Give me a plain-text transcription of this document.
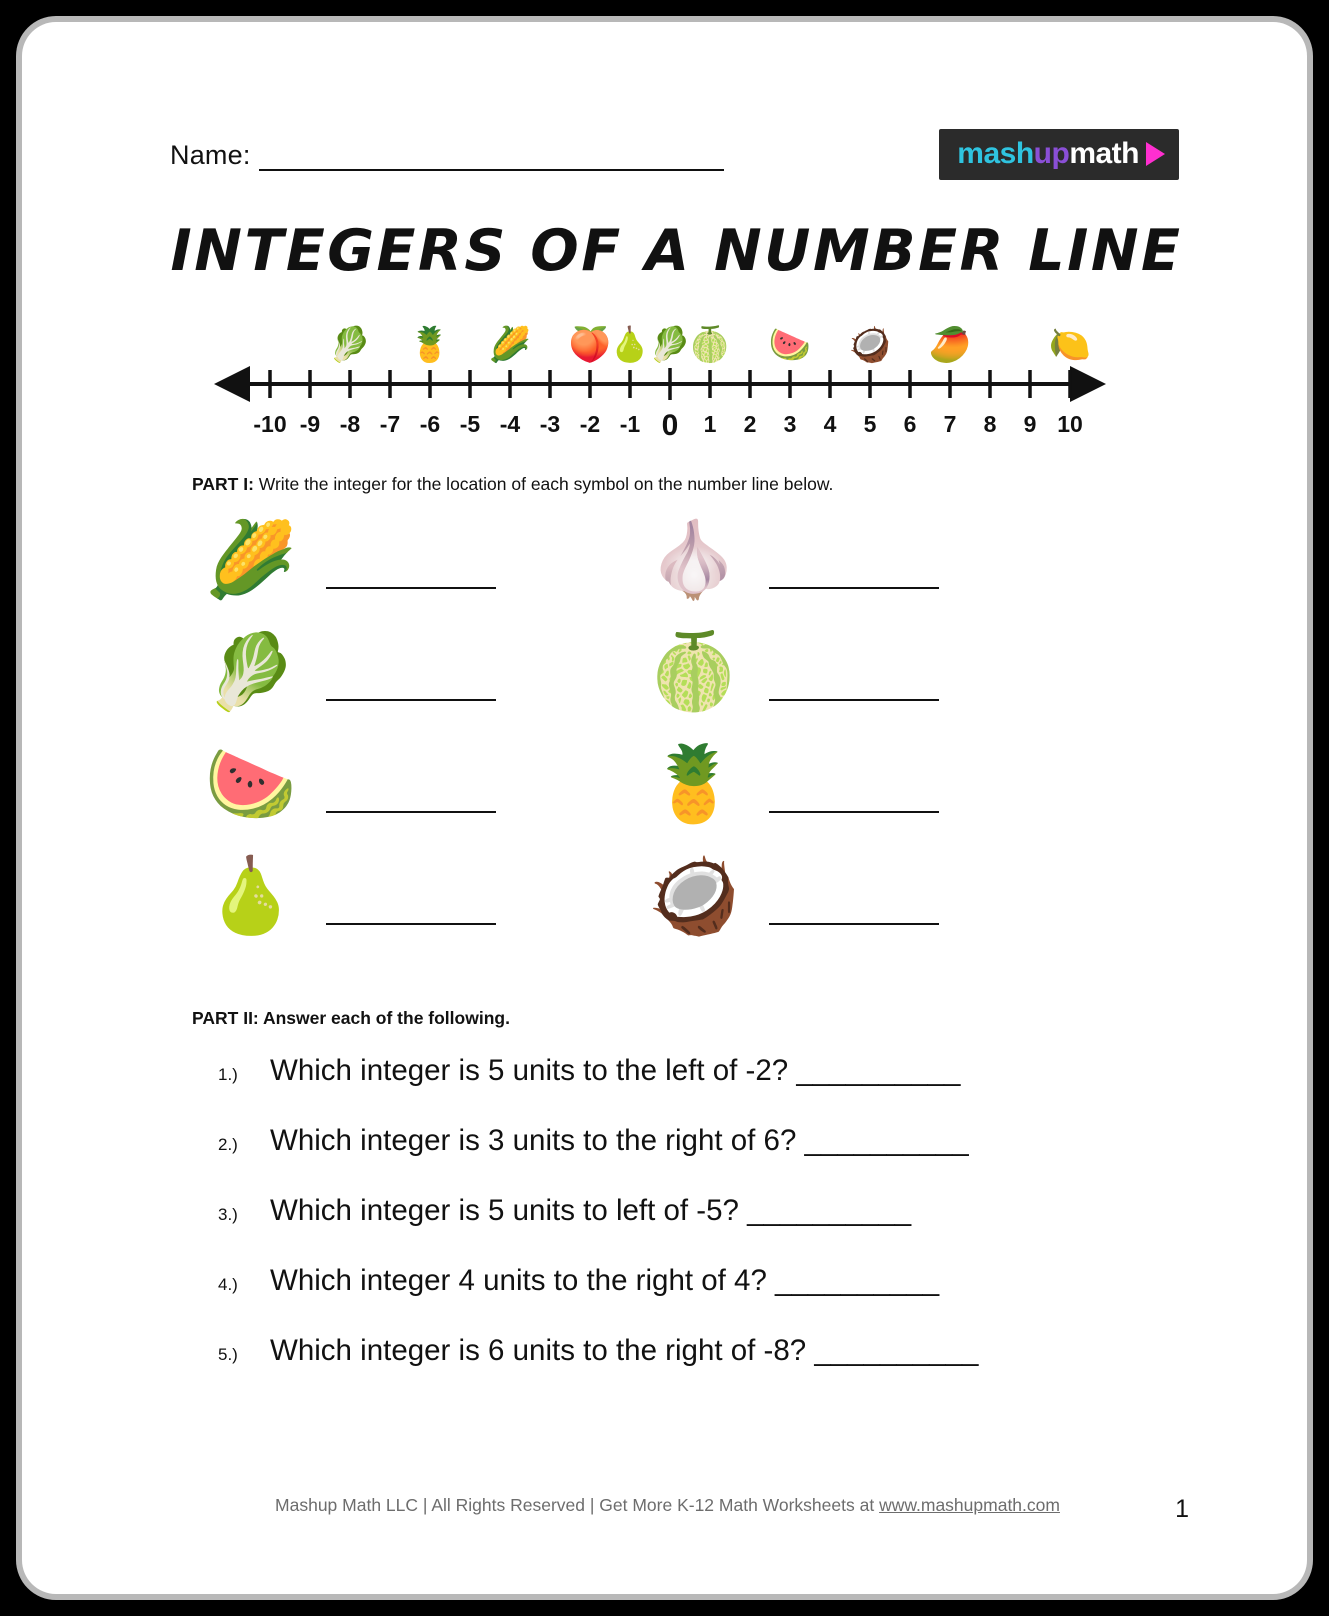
Name:	mash up math
INTEGERS OF A NUMBER LINE
-10 -9 -8 -7 -6 -5 -4 -3 -2 -1 0 1 2 3 4 5 6 7 8 9 10
🥬 🍍 🌽 🍑
🍐
🥬
🍈 🍉 🥥 🥭 🍋
PART I: Write the integer for the location of each symbol on the number line below.
🌽
🥬
🍉
🍐
🧄
🍈
🍍
🥥
PART II: Answer each of the following.
1.)	Which integer is 5 units to the left of -2? __________
2.)	Which integer is 3 units to the right of 6? __________
3.)	Which integer is 5 units to left of -5? __________
4.)	Which integer 4 units to the right of 4? __________
5.)	Which integer is 6 units to the right of -8? __________
Mashup Math LLC | All Rights Reserved | Get More K-12 Math Worksheets at www.mashupmath.com	1
